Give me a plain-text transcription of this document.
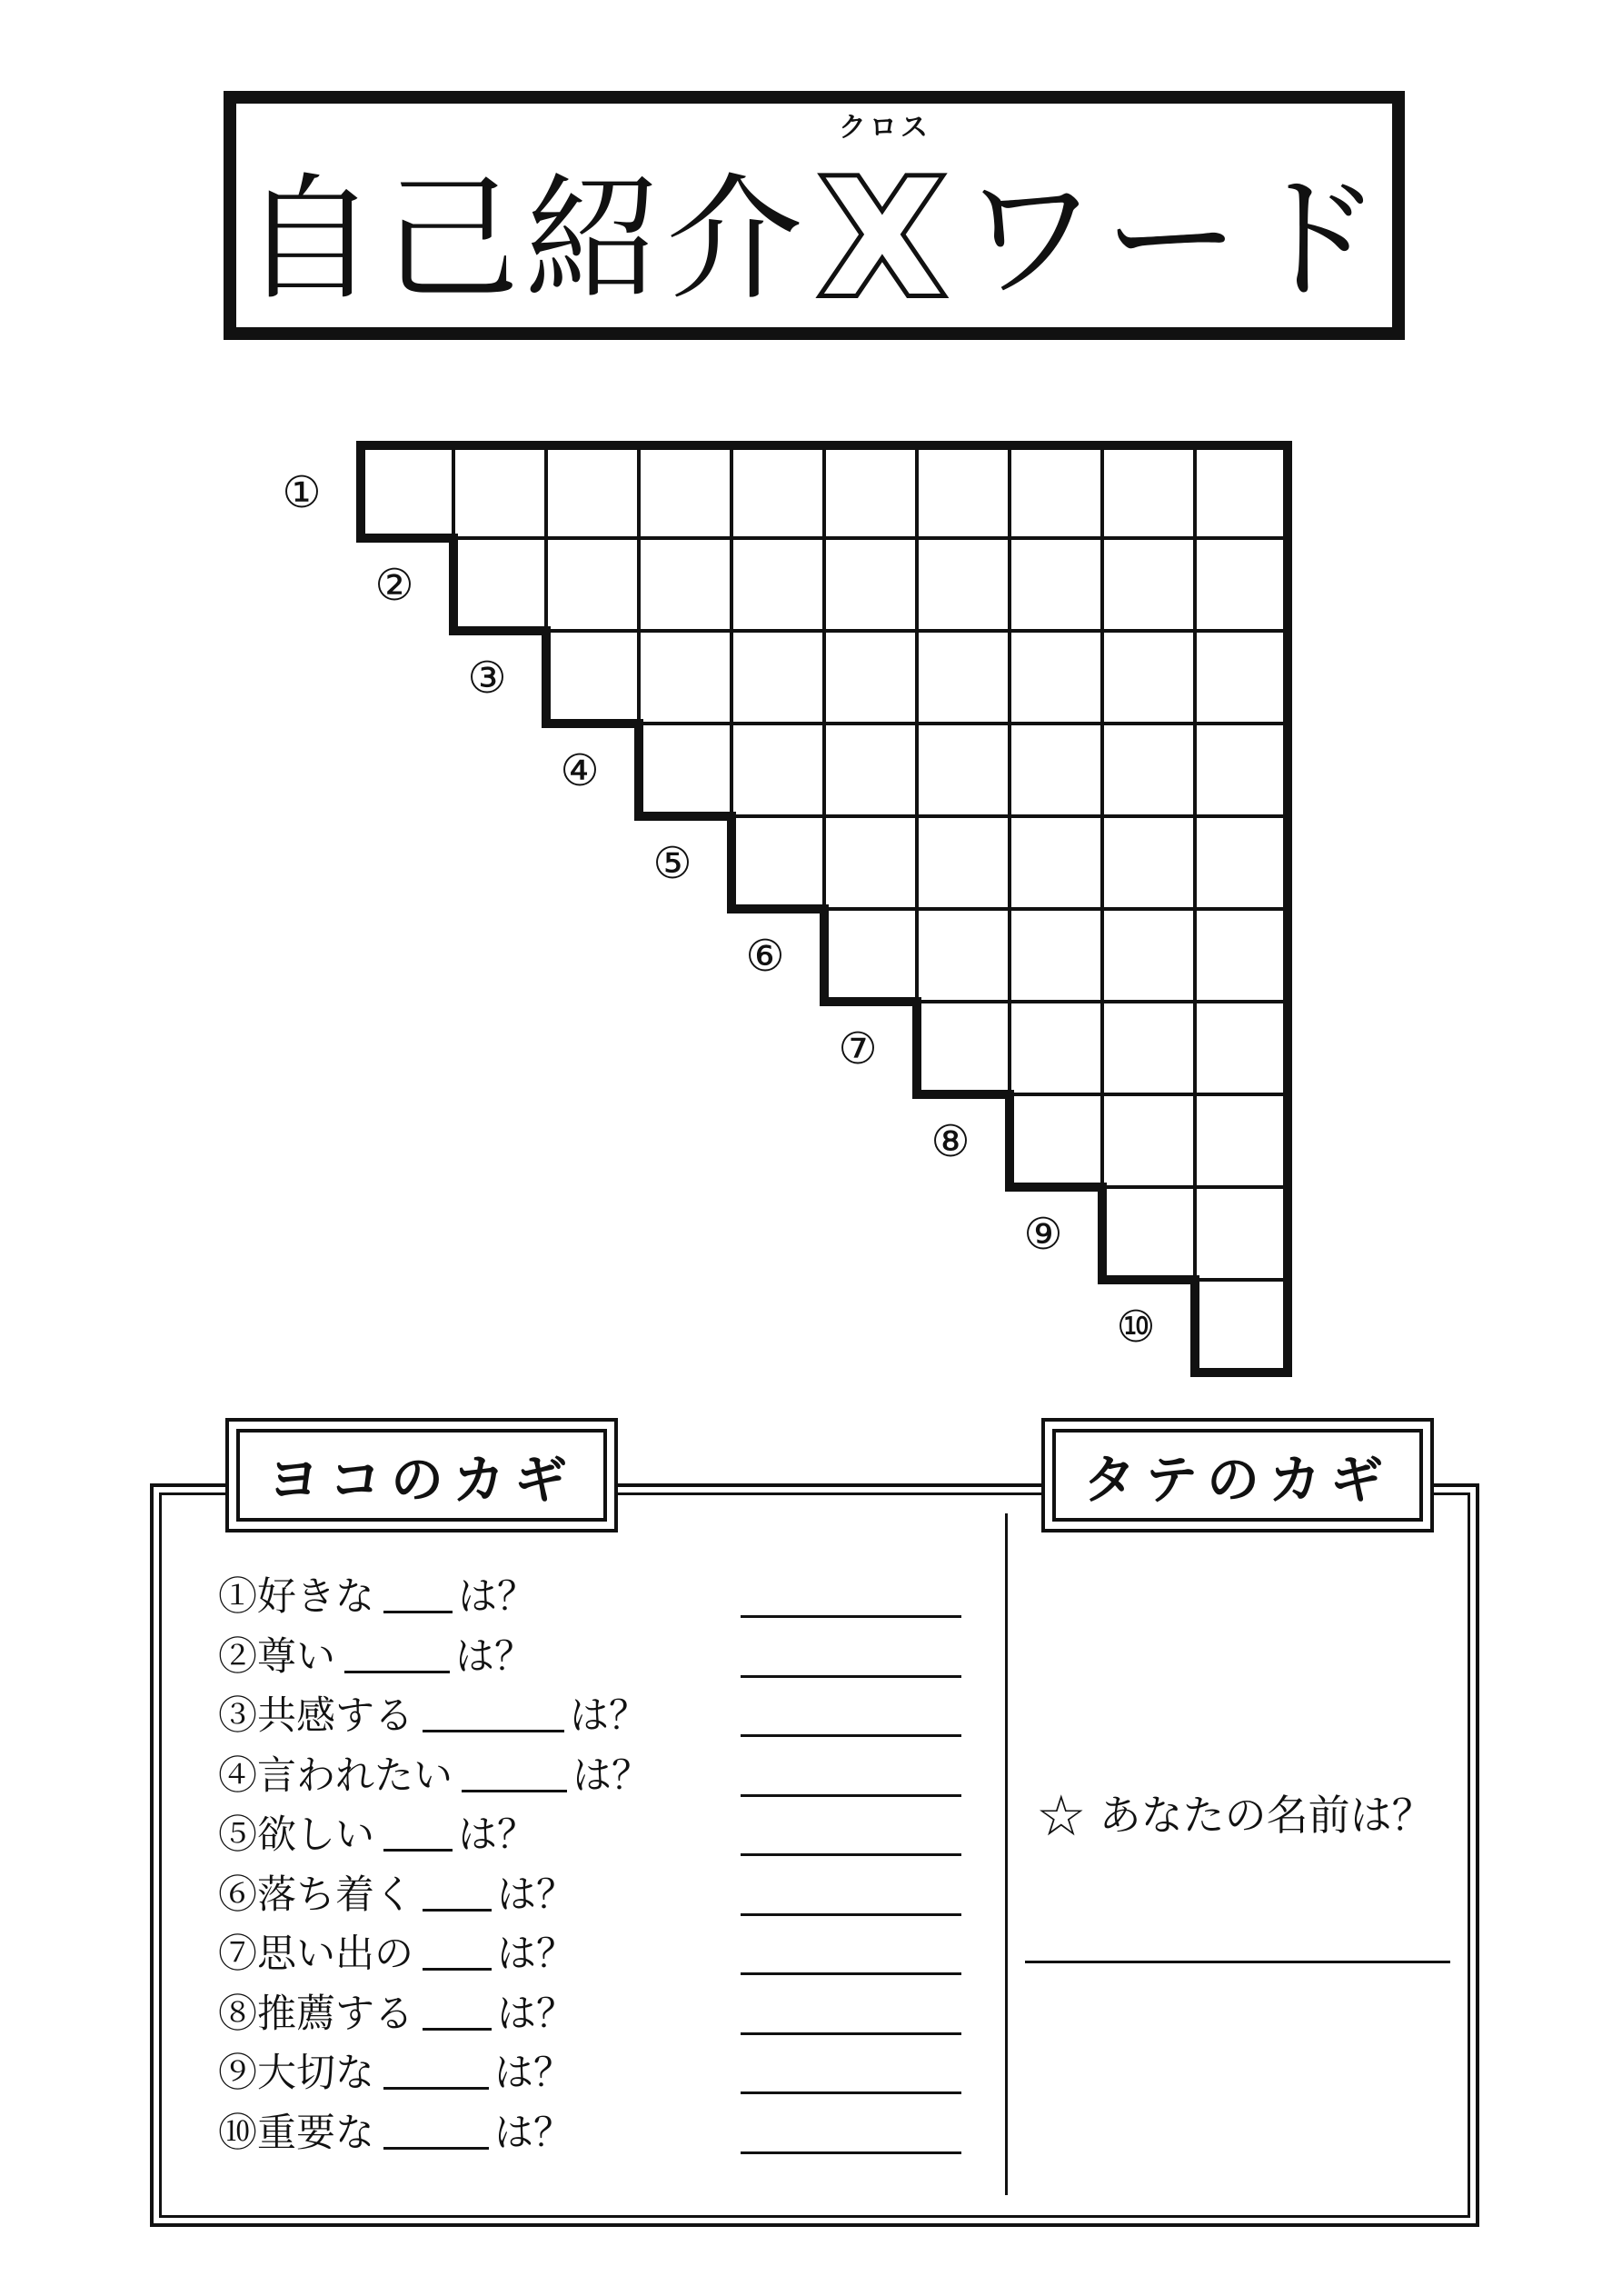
自己紹介
クロス
Xワード
①
②
③
④
⑤
⑥
⑦
⑧
⑨
⑩
ヨコのカギ	タテのカギ
①好きな は？
②尊い	は？
③共感する	は？
④言われたい	は？
⑤欲しい は？
⑥落ち着く は？
⑦思い出の は？
⑧推薦する は？
⑨大切な	は？
⑩重要な	は？
☆ あなたの名前は？
